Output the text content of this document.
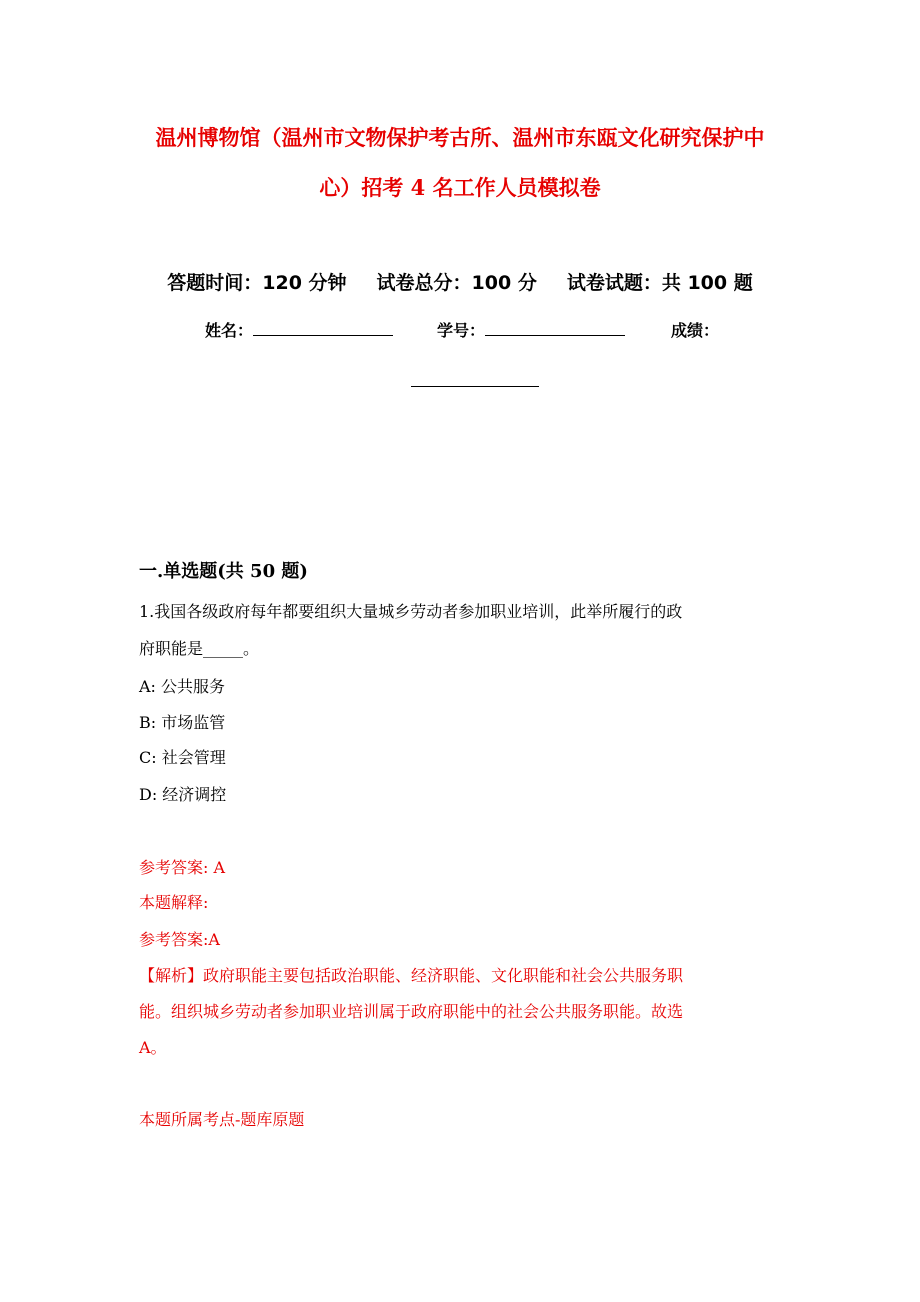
温州博物馆（温州市文物保护考古所、温州市东瓯文化研究保护中
心）招考 4 名工作人员模拟卷
答题时间：120 分钟 试卷总分：100 分 试卷试题：共 100 题
姓名：	学号：	成绩：
一.单选题(共 50 题)
1.我国各级政府每年都要组织大量城乡劳动者参加职业培训，此举所履行的政
府职能是_____。
A: 公共服务
B: 市场监管
C: 社会管理
D: 经济调控
参考答案: A
本题解释:
参考答案:A
【解析】政府职能主要包括政治职能、经济职能、文化职能和社会公共服务职
能。组织城乡劳动者参加职业培训属于政府职能中的社会公共服务职能。故选
A。
本题所属考点-题库原题
